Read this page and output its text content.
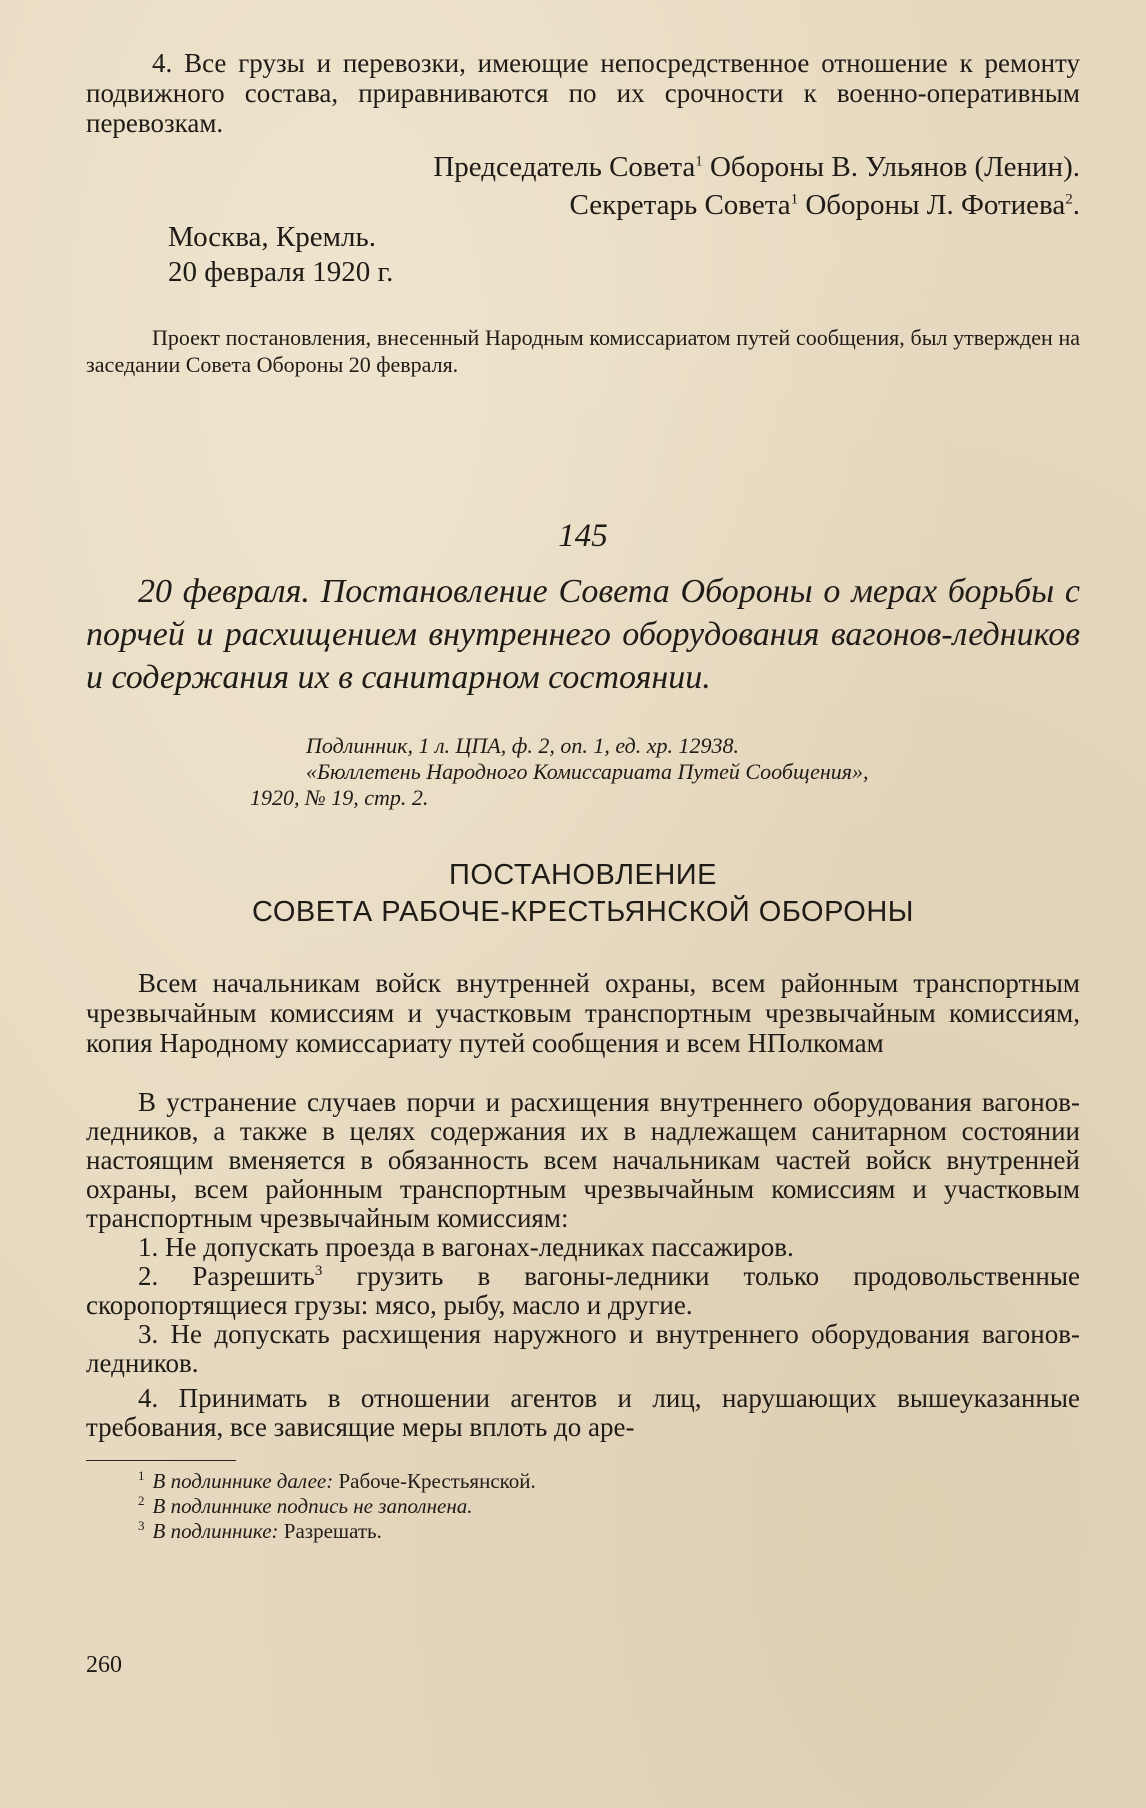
4. Все грузы и перевозки, имеющие непосредственное отношение к ремонту подвижного состава, приравниваются по их срочности к военно-оперативным перевозкам.

Председатель Совета$^1$ Обороны В. Ульянов (Ленин).

Секретарь Совета$^1$ Обороны Л. Фотиева$^2$.

Москва, Кремль.
20 февраля 1920 г.

Проект постановления, внесенный Народным комиссариатом путей сообщения, был утвержден на заседании Совета Обороны 20 февраля.

145

20 февраля. Постановление Совета Обороны о мерах борьбы с порчей и расхищением внутреннего оборудования вагонов-ледников и содержания их в санитарном состоянии.

Подлинник, 1 л. ЦПА, ф. 2, оп. 1, ед. хр. 12938.
«Бюллетень Народного Комиссариата Путей Сообщения»,
1920, № 19, стр. 2.
ПОСТАНОВЛЕНИЕ
СОВЕТА РАБОЧЕ-КРЕСТЬЯНСКОЙ ОБОРОНЫ

Всем начальникам войск внутренней охраны, всем районным транспортным чрезвычайным комиссиям и участковым транспортным чрезвычайным комиссиям, копия Народному комиссариату путей сообщения и всем НПолкомам

В устранение случаев порчи и расхищения внутреннего оборудования вагонов-ледников, а также в целях содержания их в надлежащем санитарном состоянии настоящим вменяется в обязанность всем начальникам частей войск внутренней охраны, всем районным транспортным чрезвычайным комиссиям и участковым транспортным чрезвычайным комиссиям:

1. Не допускать проезда в вагонах-ледниках пассажиров.

2. Разрешить$^3$ грузить в вагоны-ледники только продовольственные скоропортящиеся грузы: мясо, рыбу, масло и другие.

3. Не допускать расхищения наружного и внутреннего оборудования вагонов-ледников.

4. Принимать в отношении агентов и лиц, нарушающих вышеуказанные требования, все зависящие меры вплоть до аре-

$^1$ В подлиннике далее: Рабоче-Крестьянской.
$^2$ В подлиннике подпись не заполнена.
$^3$ В подлиннике: Разрешать.
260
